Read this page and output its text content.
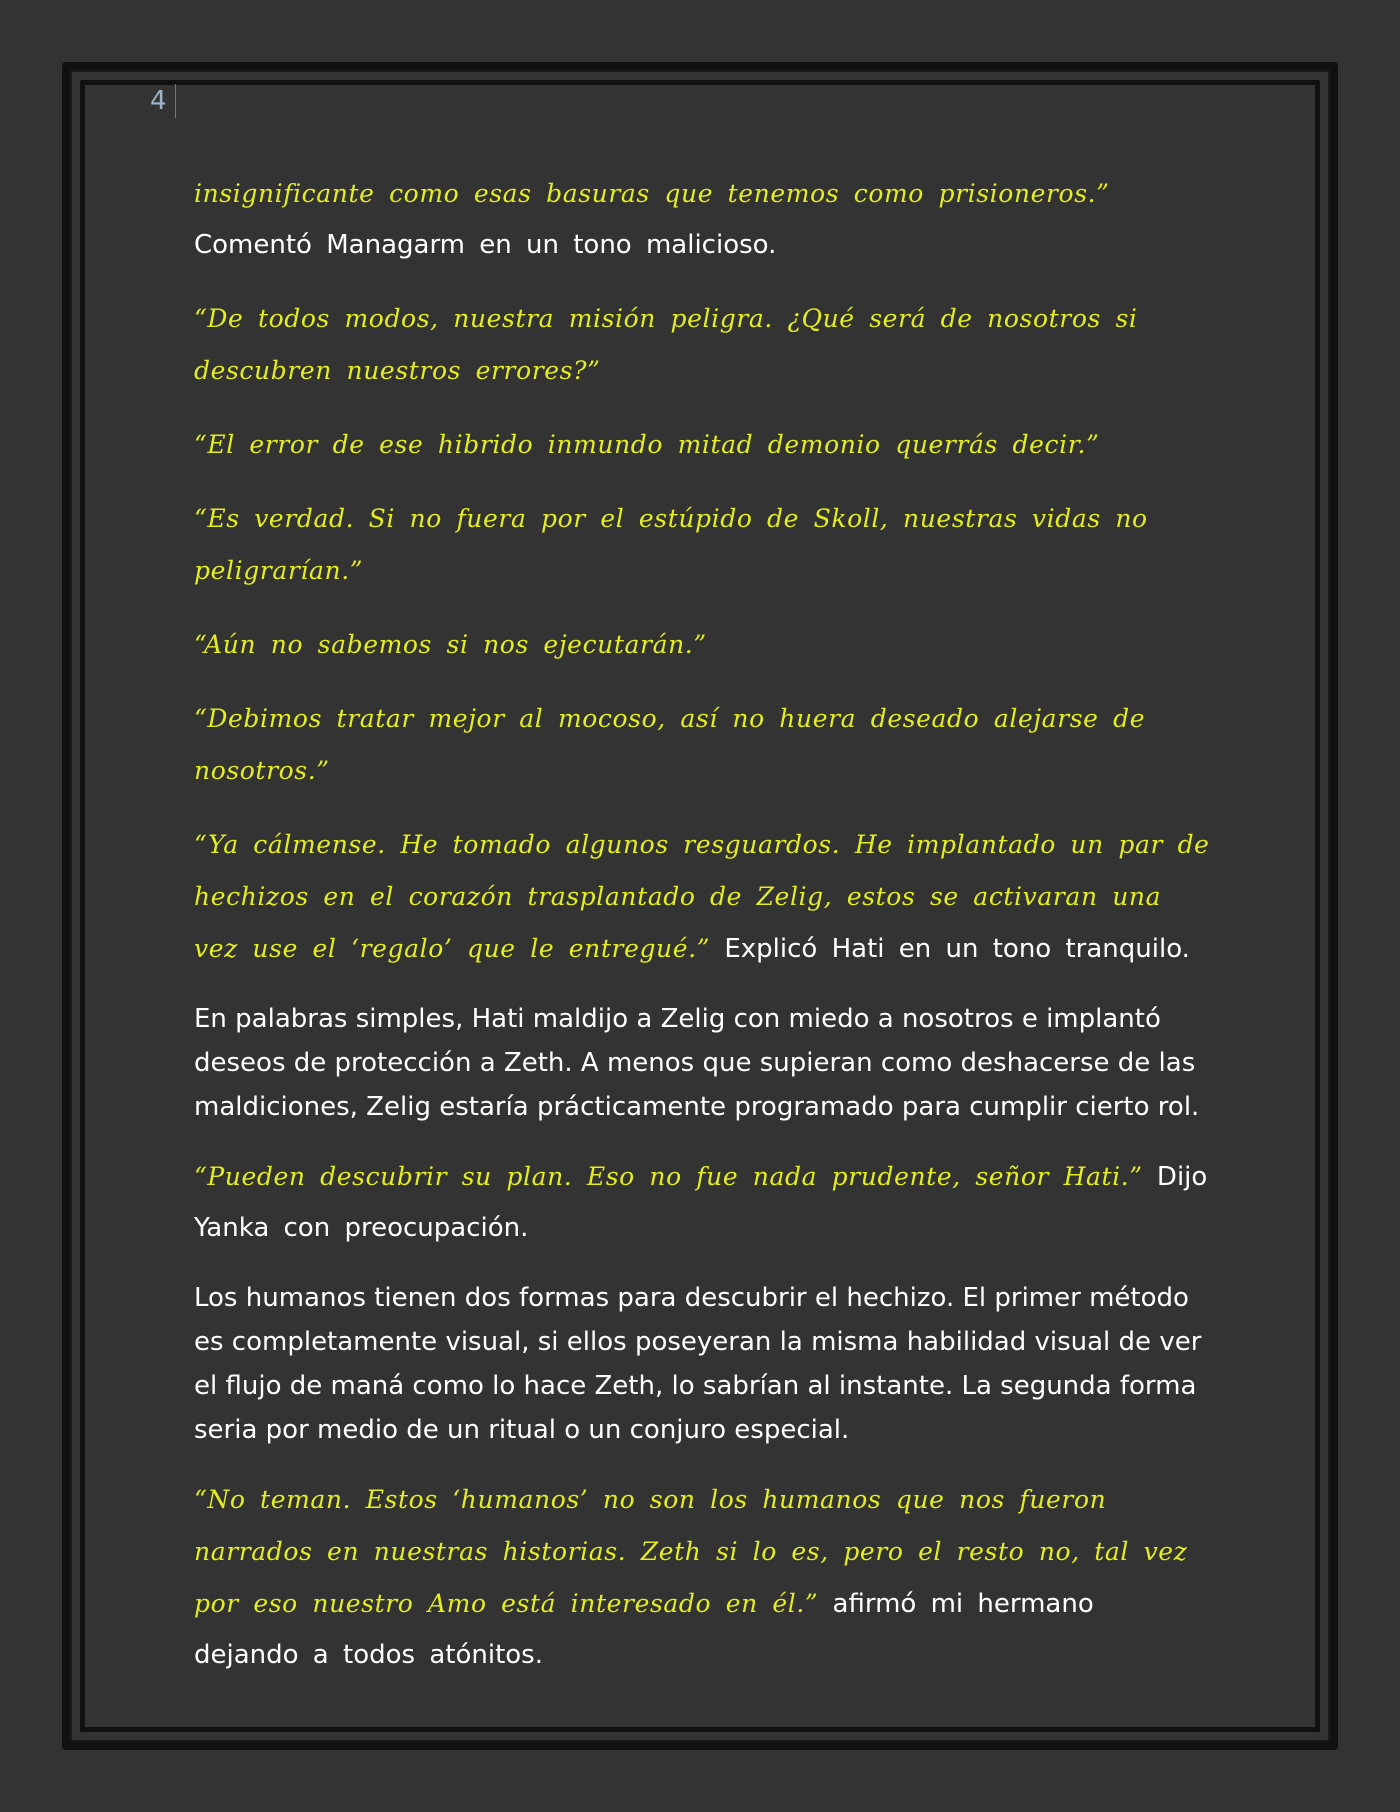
4

insignificante como esas basuras que tenemos como prisioneros.” Comentó Managarm en un tono malicioso.

“De todos modos, nuestra misión peligra. ¿Qué será de nosotros si descubren nuestros errores?”

“El error de ese hibrido inmundo mitad demonio querrás decir.”

“Es verdad. Si no fuera por el estúpido de Skoll, nuestras vidas no peligrarían.”

“Aún no sabemos si nos ejecutarán.”

“Debimos tratar mejor al mocoso, así no huera deseado alejarse de nosotros.”

“Ya cálmense. He tomado algunos resguardos. He implantado un par de hechizos en el corazón trasplantado de Zelig, estos se activaran una vez use el ‘regalo’ que le entregué.” Explicó Hati en un tono tranquilo.

En palabras simples, Hati maldijo a Zelig con miedo a nosotros e implantó deseos de protección a Zeth. A menos que supieran como deshacerse de las maldiciones, Zelig estaría prácticamente programado para cumplir cierto rol.

“Pueden descubrir su plan. Eso no fue nada prudente, señor Hati.” Dijo Yanka con preocupación.

Los humanos tienen dos formas para descubrir el hechizo. El primer método es completamente visual, si ellos poseyeran la misma habilidad visual de ver el flujo de maná como lo hace Zeth, lo sabrían al instante. La segunda forma seria por medio de un ritual o un conjuro especial.

“No teman. Estos ‘humanos’ no son los humanos que nos fueron narrados en nuestras historias. Zeth si lo es, pero el resto no, tal vez por eso nuestro Amo está interesado en él.” afirmó mi hermano dejando a todos atónitos.
